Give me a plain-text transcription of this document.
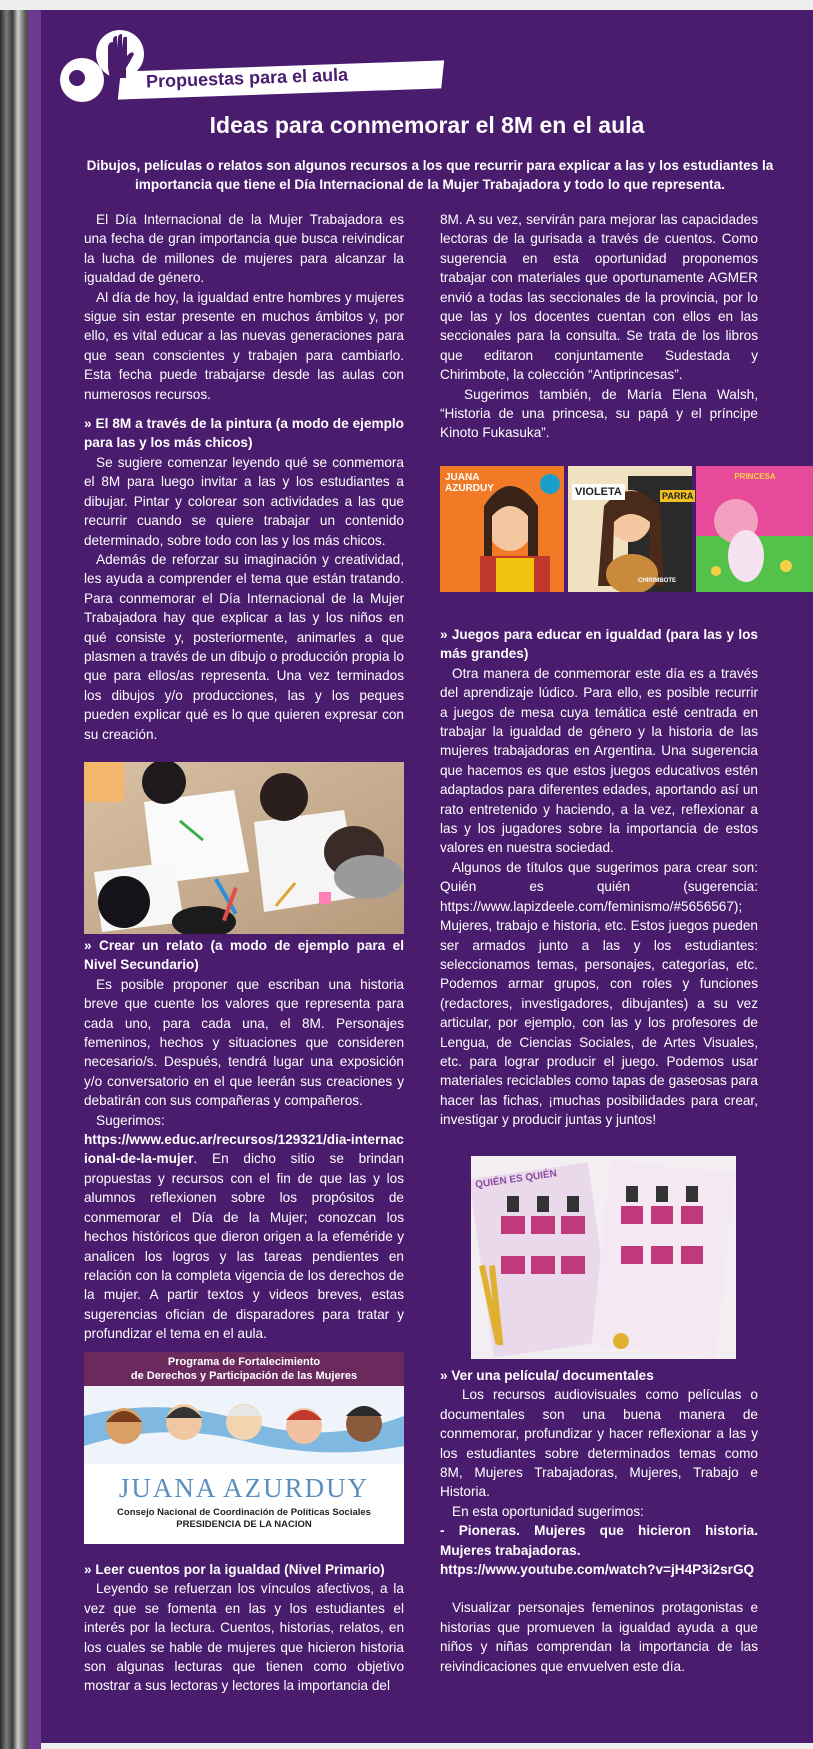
Propuestas para el aula
Ideas para conmemorar el 8M en el aula

Dibujos, películas o relatos son algunos recursos a los que recurrir para explicar a las y los estudiantes la importancia que tiene el Día Internacional de la Mujer Trabajadora y todo lo que representa.

El Día Internacional de la Mujer Trabajadora es una fecha de gran importancia que busca reivindicar la lucha de millones de mujeres para alcanzar la igualdad de género.

Al día de hoy, la igualdad entre hombres y mujeres sigue sin estar presente en muchos ámbitos y, por ello, es vital educar a las nuevas generaciones para que sean conscientes y trabajen para cambiarlo. Esta fecha puede trabajarse desde las aulas con numerosos recursos.

» El 8M a través de la pintura (a modo de ejemplo para las y los más chicos)

Se sugiere comenzar leyendo qué se conmemora el 8M para luego invitar a las y los estudiantes a dibujar. Pintar y colorear son actividades a las que recurrir cuando se quiere trabajar un contenido determinado, sobre todo con las y los más chicos.

Además de reforzar su imaginación y creatividad, les ayuda a comprender el tema que están tratando. Para conmemorar el Día Internacional de la Mujer Trabajadora hay que explicar a las y los niños en qué consiste y, posteriormente, animarles a que plasmen a través de un dibujo o producción propia lo que para ellos/as representa. Una vez terminados los dibujos y/o producciones, las y los peques pueden explicar qué es lo que quieren expresar con su creación.

» Crear un relato (a modo de ejemplo para el Nivel Secundario)

Es posible proponer que escriban una historia breve que cuente los valores que representa para cada uno, para cada una, el 8M. Personajes femeninos, hechos y situaciones que consideren necesario/s. Después, tendrá lugar una exposición y/o conversatorio en el que leerán sus creaciones y debatirán con sus compañeras y compañeros.

Sugerimos:

https://www.educ.ar/recursos/129321/dia-internacional-de-la-mujer. En dicho sitio se brindan propuestas y recursos con el fin de que las y los alumnos reflexionen sobre los propósitos de conmemorar el Día de la Mujer; conozcan los hechos históricos que dieron origen a la efeméride y analicen los logros y las tareas pendientes en relación con la completa vigencia de los derechos de la mujer. A partir textos y videos breves, estas sugerencias ofician de disparadores para tratar y profundizar el tema en el aula.

Programa de Fortalecimiento
de Derechos y Participación de las Mujeres
JUANA AZURDUY
Consejo Nacional de Coordinación de Políticas Sociales
PRESIDENCIA DE LA NACION

» Leer cuentos por la igualdad (Nivel Primario)

Leyendo se refuerzan los vínculos afectivos, a la vez que se fomenta en las y los estudiantes el interés por la lectura. Cuentos, historias, relatos, en los cuales se hable de mujeres que hicieron historia son algunas lecturas que tienen como objetivo mostrar a sus lectoras y lectores la importancia del

8M. A su vez, servirán para mejorar las capacidades lectoras de la gurisada a través de cuentos. Como sugerencia en esta oportunidad proponemos trabajar con materiales que oportunamente AGMER envió a todas las seccionales de la provincia, por lo que las y los docentes cuentan con ellos en las seccionales para la consulta. Se trata de los libros que editaron conjuntamente Sudestada y Chirimbote, la colección “Antiprincesas”.

Sugerimos también, de María Elena Walsh, “Historia de una princesa, su papá y el príncipe Kinoto Fukasuka”.

JUANA AZURDUY	VIOLETA	PARRA
CHIRIMBOTE
PRINCESA

» Juegos para educar en igualdad (para las y los más grandes)

Otra manera de conmemorar este día es a través del aprendizaje lúdico. Para ello, es posible recurrir a juegos de mesa cuya temática esté centrada en trabajar la igualdad de género y la historia de las mujeres trabajadoras en Argentina. Una sugerencia que hacemos es que estos juegos educativos estén adaptados para diferentes edades, aportando así un rato entretenido y haciendo, a la vez, reflexionar a las y los jugadores sobre la importancia de estos valores en nuestra sociedad.

Algunos de títulos que sugerimos para crear son: Quién es quién (sugerencia: https://www.lapizdeele.com/feminismo/#5656567); Mujeres, trabajo e historia, etc. Estos juegos pueden ser armados junto a las y los estudiantes: seleccionamos temas, personajes, categorías, etc. Podemos armar grupos, con roles y funciones (redactores, investigadores, dibujantes) a su vez articular, por ejemplo, con las y los profesores de Lengua, de Ciencias Sociales, de Artes Visuales, etc. para lograr producir el juego. Podemos usar materiales reciclables como tapas de gaseosas para hacer las fichas, ¡muchas posibilidades para crear, investigar y producir juntas y juntos!

QUIÉN ES QUIÉN

» Ver una película/ documentales

Los recursos audiovisuales como películas o documentales son una buena manera de conmemorar, profundizar y hacer reflexionar a las y los estudiantes sobre determinados temas como 8M, Mujeres Trabajadoras, Mujeres, Trabajo e Historia.

En esta oportunidad sugerimos:

- Pioneras. Mujeres que hicieron historia. Mujeres trabajadoras.

https://www.youtube.com/watch?v=jH4P3i2srGQ

Visualizar personajes femeninos protagonistas e historias que promueven la igualdad ayuda a que niños y niñas comprendan la importancia de las reivindicaciones que envuelven este día.
